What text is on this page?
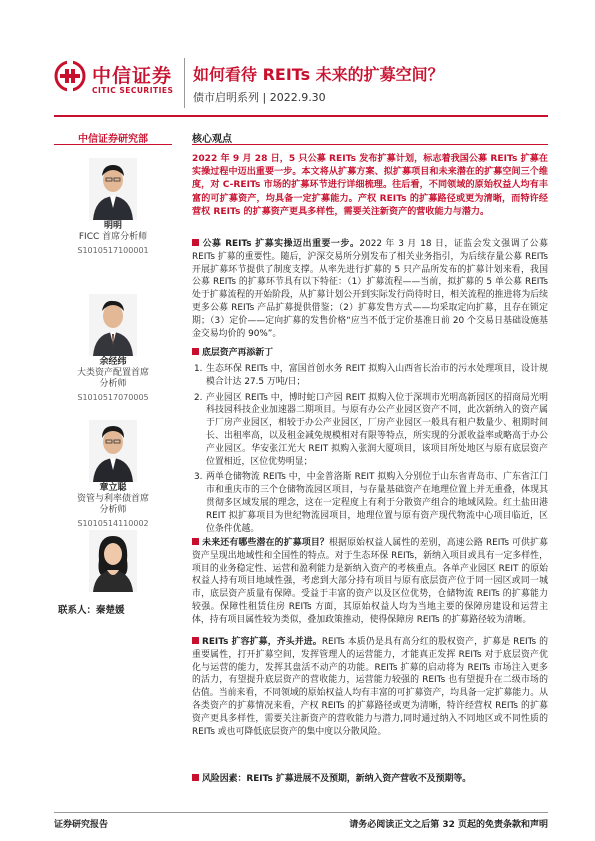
中信证券
CITIC SECURITIES
如何看待 REITs 未来的扩募空间？
债市启明系列 | 2022.9.30
中信证券研究部
明明
FICC 首席分析师
S1010517100001
余经纬
大类资产配置首席分析师
S1010517070005
章立聪
资管与利率债首席分析师
S1010514110002
联系人：秦楚媛
核心观点
2022 年 9 月 28 日，5 只公募 REITs 发布扩募计划，标志着我国公募 REITs 扩募在实操过程中迈出重要一步。本文将从扩募方案、拟扩募项目和未来潜在的扩募空间三个维度，对 C-REITs 市场的扩募环节进行详细梳理。往后看，不同领域的原始权益人均有丰富的可扩募资产，均具备一定扩募能力。产权 REITs 的扩募路径或更为清晰，而特许经营权 REITs 的扩募资产更具多样性，需要关注新资产的营收能力与潜力。
公募 REITs 扩募实操迈出重要一步。2022 年 3 月 18 日，证监会发文强调了公募 REITs 扩募的重要性。随后，沪深交易所分别发布了相关业务指引，为后续存量公募 REITs 开展扩募环节提供了制度支撑。从率先进行扩募的 5 只产品所发布的扩募计划来看，我国公募 REITs 的扩募环节具有以下特征：（1）扩募流程——当前，拟扩募的 5 单公募 REITs 处于扩募流程的开始阶段，从扩募计划公开到实际发行尚待时日，相关流程的推进将为后续更多公募 REITs 产品扩募提供借鉴；（2）扩募发售方式——均采取定向扩募，且存在锁定期；（3）定价——定向扩募的发售价格“应当不低于定价基准日前 20 个交易日基础设施基金交易均价的 90%”。
底层资产再添新丁
1. 生态环保 REITs 中，富国首创水务 REIT 拟购入山西省长治市的污水处理项目，设计规模合计达 27.5 万吨/日；
2. 产业园区 REITs 中，博时蛇口产园 REIT 拟购入位于深圳市光明高新园区的招商局光明科技园科技企业加速器二期项目。与原有办公产业园区资产不同，此次新纳入的资产属于厂房产业园区，相较于办公产业园区，厂房产业园区一般具有租户数量少、租期时间长、出租率高，以及租金减免规模相对有限等特点，所实现的分派收益率或略高于办公产业园区。华安张江光大 REIT 拟购入张润大厦项目，该项目所处地区与原有底层资产位置相近，区位优势明显；
3. 两单仓储物流 REITs 中，中金普洛斯 REIT 拟购入分别位于山东省青岛市、广东省江门市和重庆市的三个仓储物流园区项目，与存量基础资产在地理位置上并无重叠，体现其贯彻多区域发展的理念，这在一定程度上有利于分散资产组合的地域风险。红土盐田港 REIT 拟扩募项目为世纪物流园项目，地理位置与原有资产现代物流中心项目临近，区位条件优越。
未来还有哪些潜在的扩募项目？根据原始权益人属性的差别，高速公路 REITs 可供扩募资产呈现出地域性和全国性的特点。对于生态环保 REITs，新纳入项目或具有一定多样性，项目的业务稳定性、运营和盈利能力是新纳入资产的考核重点。各单产业园区 REIT 的原始权益人持有项目地域性强，考虑到大部分持有项目与原有底层资产位于同一园区或同一城市，底层资产质量有保障。受益于丰富的资产以及区位优势，仓储物流 REITs 的扩募能力较强。保障性租赁住房 REITs 方面，其原始权益人均为当地主要的保障房建设和运营主体，持有项目属性较为类似，叠加政策推动，使得保障房 REITs 的扩募路径较为清晰。
REITs 扩容扩募，齐头并进。REITs 本质仍是具有高分红的股权资产，扩募是 REITs 的重要属性，打开扩募空间，发挥管理人的运营能力，才能真正发挥 REITs 对于底层资产优化与运营的能力，发挥其盘活不动产的功能。REITs 扩募的启动将为 REITs 市场注入更多的活力，有望提升底层资产的营收能力，运营能力较强的 REITs 也有望提升在二级市场的估值。当前来看，不同领域的原始权益人均有丰富的可扩募资产，均具备一定扩募能力。从各类资产的扩募情况来看，产权 REITs 的扩募路径或更为清晰，特许经营权 REITs 的扩募资产更具多样性，需要关注新资产的营收能力与潜力,同时通过纳入不同地区或不同性质的 REITs 或也可降低底层资产的集中度以分散风险。
风险因素：REITs 扩募进展不及预期，新纳入资产营收不及预期等。
证券研究报告	请务必阅读正文之后第 32 页起的免责条款和声明
